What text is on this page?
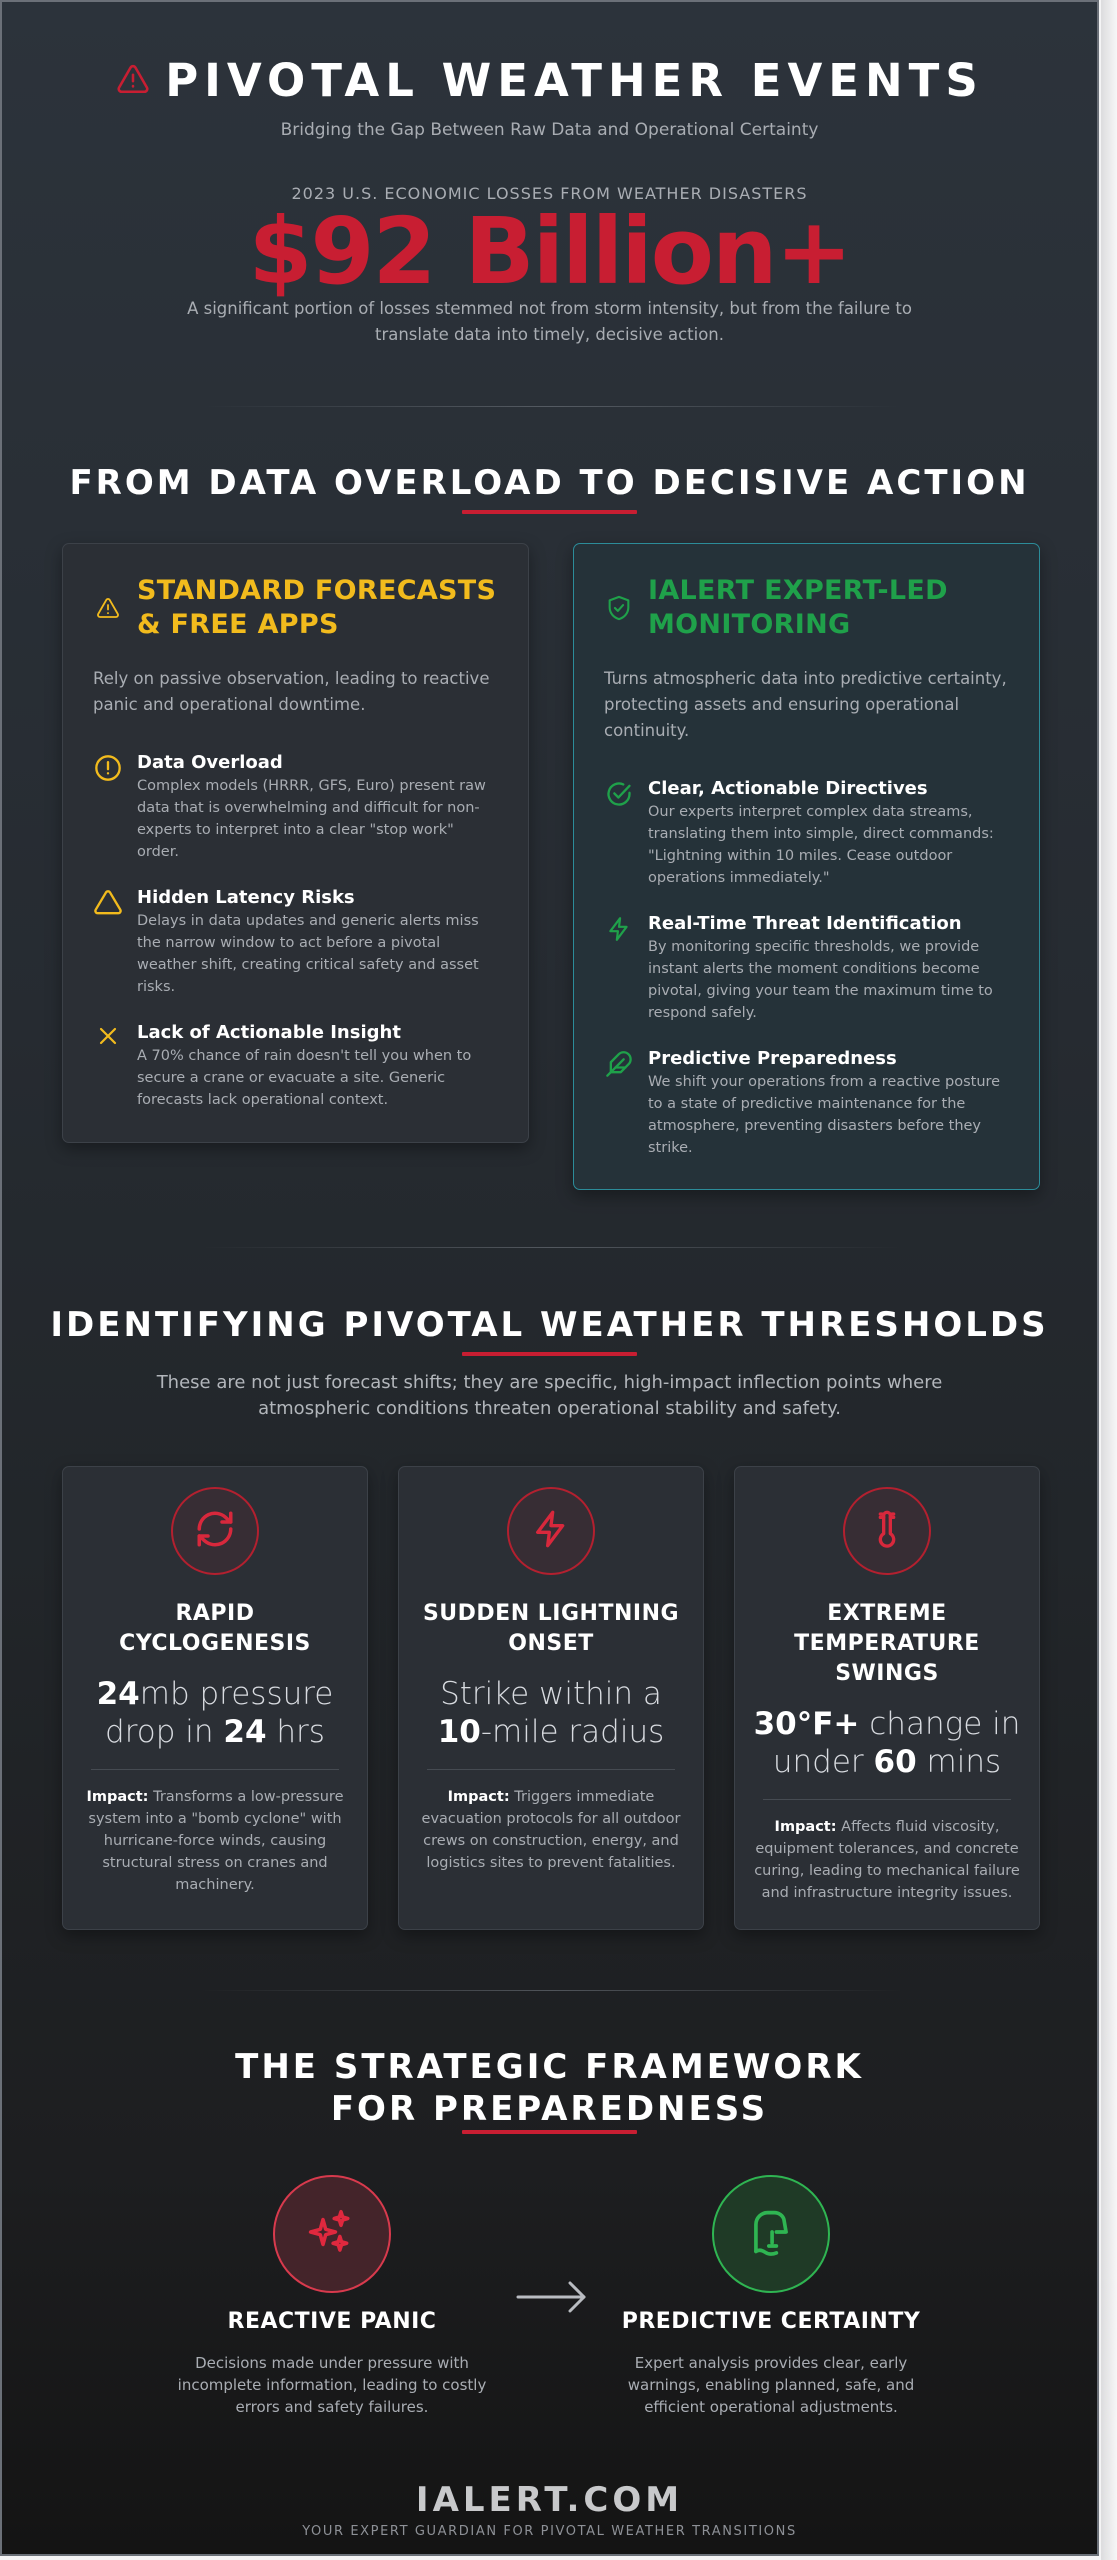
PIVOTAL WEATHER EVENTS
Bridging the Gap Between Raw Data and Operational Certainty
2023 U.S. ECONOMIC LOSSES FROM WEATHER DISASTERS
$92 Billion+
A significant portion of losses stemmed not from storm intensity, but from the failure to translate data into timely, decisive action.
FROM DATA OVERLOAD TO DECISIVE ACTION
STANDARD FORECASTS & FREE APPS

Rely on passive observation, leading to reactive panic and operational downtime.

Data Overload
Complex models (HRRR, GFS, Euro) present raw data that is overwhelming and difficult for non-experts to interpret into a clear "stop work" order.
Hidden Latency Risks
Delays in data updates and generic alerts miss the narrow window to act before a pivotal weather shift, creating critical safety and asset risks.
Lack of Actionable Insight
A 70% chance of rain doesn't tell you when to secure a crane or evacuate a site. Generic forecasts lack operational context.
IALERT EXPERT-LED MONITORING

Turns atmospheric data into predictive certainty, protecting assets and ensuring operational continuity.

Clear, Actionable Directives
Our experts interpret complex data streams, translating them into simple, direct commands: "Lightning within 10 miles. Cease outdoor operations immediately."
Real-Time Threat Identification
By monitoring specific thresholds, we provide instant alerts the moment conditions become pivotal, giving your team the maximum time to respond safely.
Predictive Preparedness
We shift your operations from a reactive posture to a state of predictive maintenance for the atmosphere, preventing disasters before they strike.
IDENTIFYING PIVOTAL WEATHER THRESHOLDS

These are not just forecast shifts; they are specific, high-impact inflection points where atmospheric conditions threaten operational stability and safety.

RAPID CYCLOGENESIS
24mb pressure drop in 24 hrs

Impact: Transforms a low-pressure system into a "bomb cyclone" with hurricane-force winds, causing structural stress on cranes and machinery.

SUDDEN LIGHTNING ONSET
Strike within a 10-mile radius

Impact: Triggers immediate evacuation protocols for all outdoor crews on construction, energy, and logistics sites to prevent fatalities.

EXTREME TEMPERATURE SWINGS
30°F+ change in under 60 mins

Impact: Affects fluid viscosity, equipment tolerances, and concrete curing, leading to mechanical failure and infrastructure integrity issues.

THE STRATEGIC FRAMEWORK FOR PREPAREDNESS
REACTIVE PANIC

Decisions made under pressure with incomplete information, leading to costly errors and safety failures.

PREDICTIVE CERTAINTY

Expert analysis provides clear, early warnings, enabling planned, safe, and efficient operational adjustments.

IALERT.COM
YOUR EXPERT GUARDIAN FOR PIVOTAL WEATHER TRANSITIONS
